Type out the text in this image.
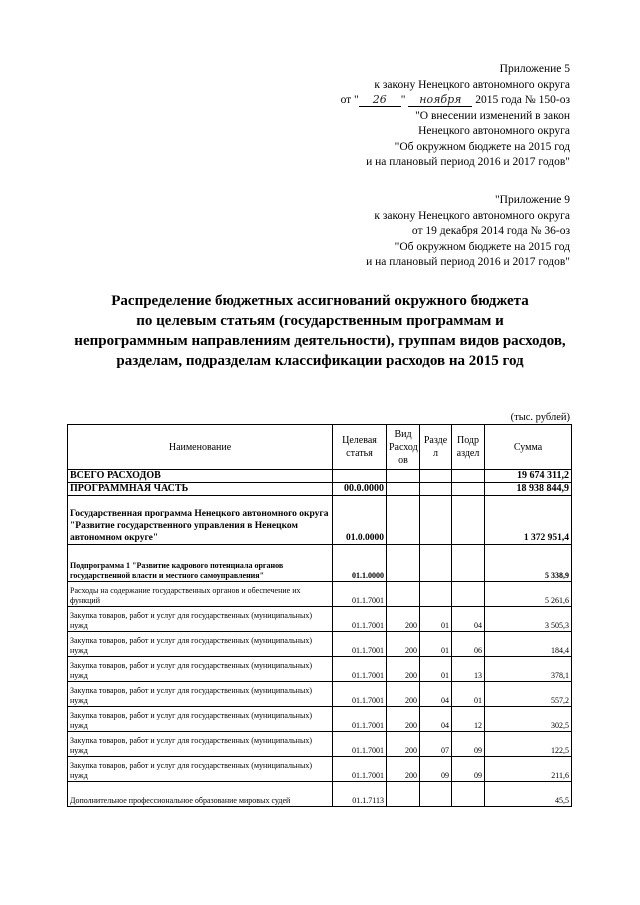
Приложение 5
к закону Ненецкого автономного округа
от " 26 " ноября 2015 года № 150-оз
"О внесении изменений в закон
Ненецкого автономного округа
"Об окружном бюджете на 2015 год
и на плановый период 2016 и 2017 годов"
"Приложение 9
к закону Ненецкого автономного округа
от 19 декабря 2014 года № 36-оз
"Об окружном бюджете на 2015 год
и на плановый период 2016 и 2017 годов"
Распределение бюджетных ассигнований окружного бюджета
по целевым статьям (государственным программам и
непрограммным направлениям деятельности), группам видов расходов,
разделам, подразделам классификации расходов на 2015 год
(тыс. рублей)
Наименование	Целевая статья	Вид Расход ов	Разде л	Подр аздел	Сумма
ВСЕГО РАСХОДОВ					19 674 311,2
ПРОГРАММНАЯ ЧАСТЬ	00.0.0000				18 938 844,9
Государственная программа Ненецкого автономного округа "Развитие государственного управления в Ненецком автономном округе"	01.0.0000				1 372 951,4
Подпрограмма 1 "Развитие кадрового потенциала органов государственной власти и местного самоуправления"	01.1.0000				5 338,9
Расходы на содержание государственных органов и обеспечение их функций	01.1.7001				5 261,6
Закупка товаров, работ и услуг для государственных (муниципальных) нужд	01.1.7001	200	01	04	3 505,3
Закупка товаров, работ и услуг для государственных (муниципальных) нужд	01.1.7001	200	01	06	184,4
Закупка товаров, работ и услуг для государственных (муниципальных) нужд	01.1.7001	200	01	13	378,1
Закупка товаров, работ и услуг для государственных (муниципальных) нужд	01.1.7001	200	04	01	557,2
Закупка товаров, работ и услуг для государственных (муниципальных) нужд	01.1.7001	200	04	12	302,5
Закупка товаров, работ и услуг для государственных (муниципальных) нужд	01.1.7001	200	07	09	122,5
Закупка товаров, работ и услуг для государственных (муниципальных) нужд	01.1.7001	200	09	09	211,6
Дополнительное профессиональное образование мировых судей	01.1.7113				45,5
